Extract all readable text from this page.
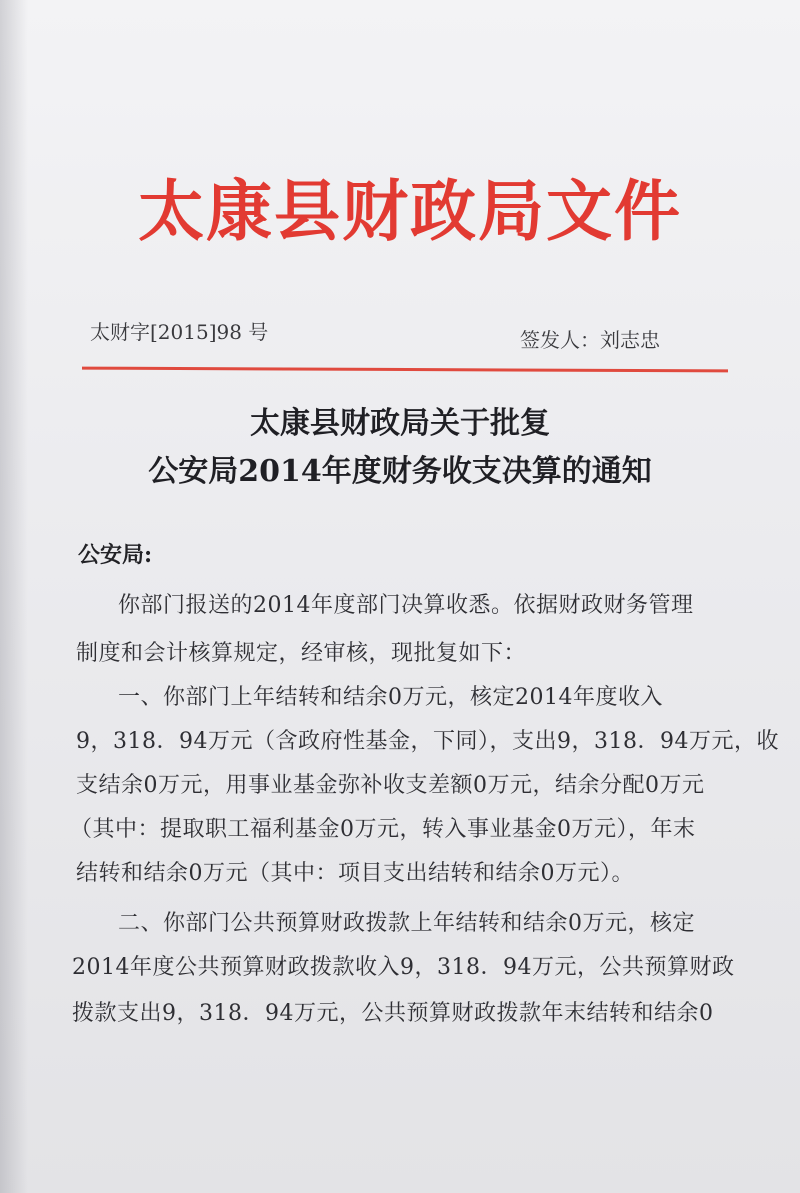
太康县财政局文件
太财字[2015]98 号	签发人：刘志忠
太康县财政局关于批复
公安局2014年度财务收支决算的通知
公安局:
你部门报送的2014年度部门决算收悉。依据财政财务管理
制度和会计核算规定，经审核，现批复如下：
一、你部门上年结转和结余0万元，核定2014年度收入
9，318．94万元（含政府性基金，下同），支出9，318．94万元，收
支结余0万元，用事业基金弥补收支差额0万元，结余分配0万元
（其中：提取职工福利基金0万元，转入事业基金0万元），年末
结转和结余0万元（其中：项目支出结转和结余0万元）。
二、你部门公共预算财政拨款上年结转和结余0万元，核定
2014年度公共预算财政拨款收入9，318．94万元，公共预算财政
拨款支出9，318．94万元，公共预算财政拨款年末结转和结余0
